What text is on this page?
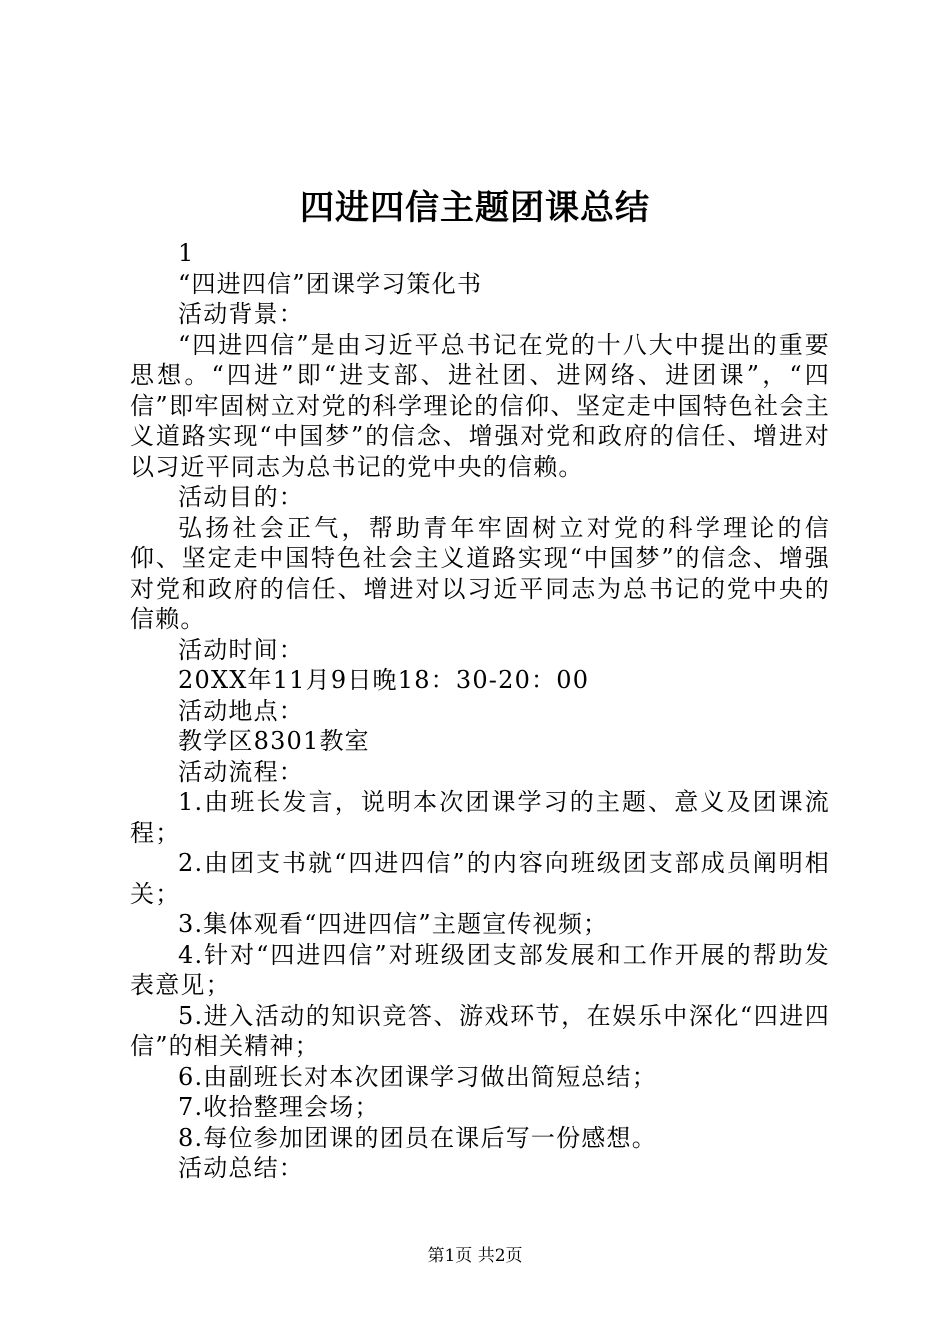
四进四信主题团课总结

1

“四进四信”团课学习策化书

活动背景：

“四进四信”是由习近平总书记在党的十八大中提出的重要思想。“四进”即“进支部、进社团、进网络、进团课”，“四信”即牢固树立对党的科学理论的信仰、坚定走中国特色社会主义道路实现“中国梦”的信念、增强对党和政府的信任、增进对以习近平同志为总书记的党中央的信赖。

活动目的：

弘扬社会正气，帮助青年牢固树立对党的科学理论的信仰、坚定走中国特色社会主义道路实现“中国梦”的信念、增强对党和政府的信任、增进对以习近平同志为总书记的党中央的信赖。

活动时间：

20XX年11月9日晚18：30-20：00

活动地点：

教学区8301教室

活动流程：

1.由班长发言，说明本次团课学习的主题、意义及团课流程；

2.由团支书就“四进四信”的内容向班级团支部成员阐明相关；

3.集体观看“四进四信”主题宣传视频；

4.针对“四进四信”对班级团支部发展和工作开展的帮助发表意见；

5.进入活动的知识竞答、游戏环节，在娱乐中深化“四进四信”的相关精神；

6.由副班长对本次团课学习做出简短总结；

7.收拾整理会场；

8.每位参加团课的团员在课后写一份感想。

活动总结：

第1页 共2页
